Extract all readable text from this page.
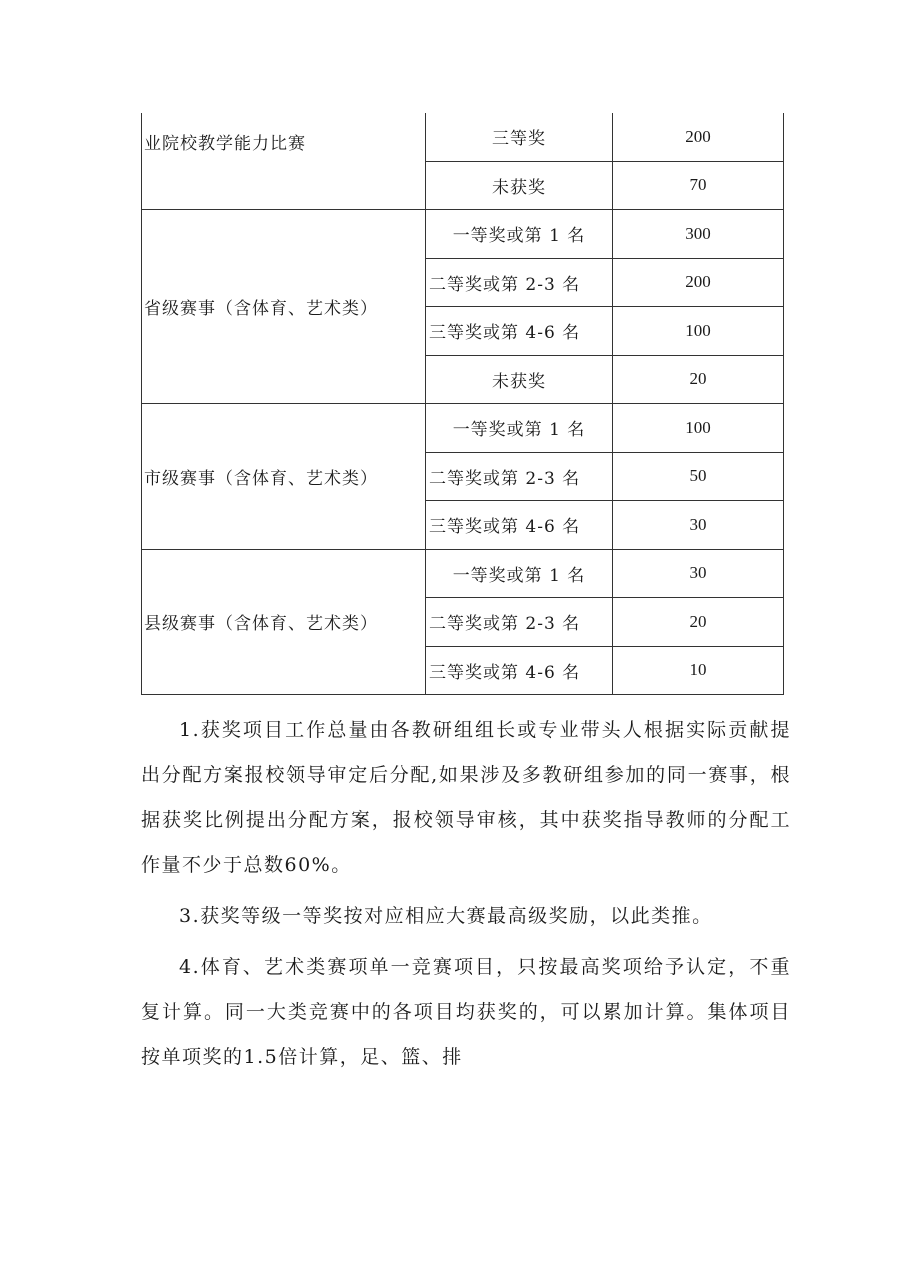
业院校教学能力比赛	三等奖	200
	未获奖	70
省级赛事（含体育、艺术类）	一等奖或第 1 名	300
	二等奖或第 2-3 名	200
	三等奖或第 4-6 名	100
	未获奖	20
市级赛事（含体育、艺术类）	一等奖或第 1 名	100
	二等奖或第 2-3 名	50
	三等奖或第 4-6 名	30
县级赛事（含体育、艺术类）	一等奖或第 1 名	30
	二等奖或第 2-3 名	20
	三等奖或第 4-6 名	10

1.获奖项目工作总量由各教研组组长或专业带头人根据实际贡献提出分配方案报校领导审定后分配,如果涉及多教研组参加的同一赛事，根据获奖比例提出分配方案，报校领导审核，其中获奖指导教师的分配工作量不少于总数60%。

3.获奖等级一等奖按对应相应大赛最高级奖励，以此类推。

4.体育、艺术类赛项单一竞赛项目，只按最高奖项给予认定，不重复计算。同一大类竞赛中的各项目均获奖的，可以累加计算。集体项目按单项奖的1.5倍计算，足、篮、排
